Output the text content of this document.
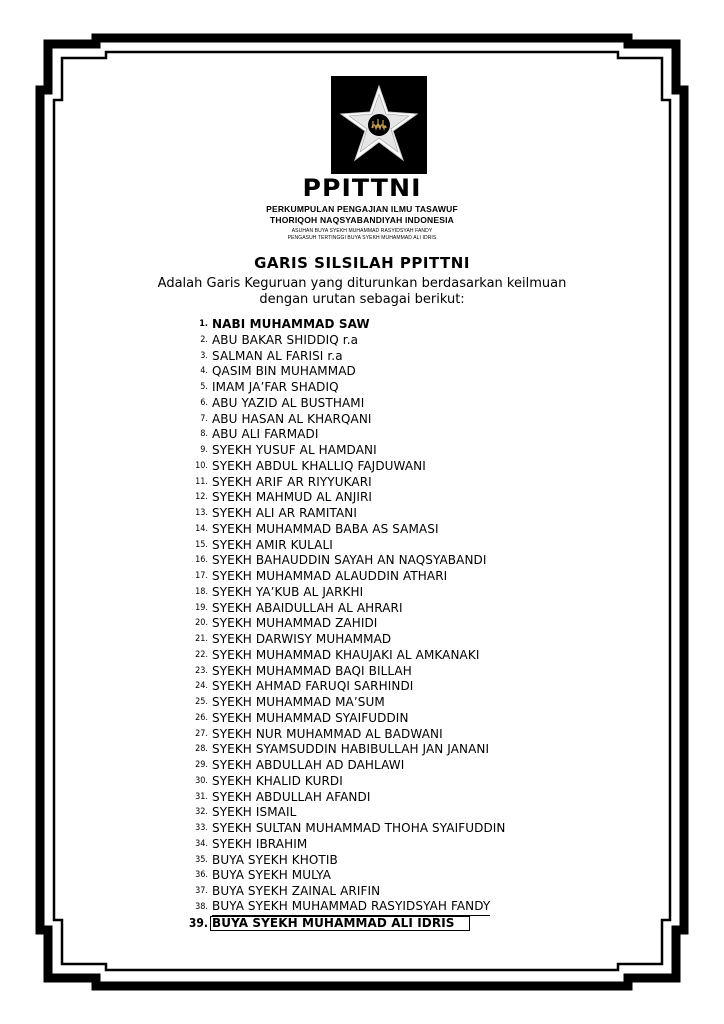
PPITTNI
PERKUMPULAN PENGAJIAN ILMU TASAWUF
THORIQOH NAQSYABANDIYAH INDONESIA
ASUHAN BUYA SYEKH MUHAMMAD RASYIDSYAH FANDY
PENGASUH TERTINGGI BUYA SYEKH MUHAMMAD ALI IDRIS
GARIS SILSILAH PPITTNI
Adalah Garis Keguruan yang diturunkan berdasarkan keilmuan
dengan urutan sebagai berikut:
1. NABI MUHAMMAD SAW
2. ABU BAKAR SHIDDIQ r.a
3. SALMAN AL FARISI r.a
4. QASIM BIN MUHAMMAD
5. IMAM JA’FAR SHADIQ
6. ABU YAZID AL BUSTHAMI
7. ABU HASAN AL KHARQANI
8. ABU ALI FARMADI
9. SYEKH YUSUF AL HAMDANI
10. SYEKH ABDUL KHALLIQ FAJDUWANI
11. SYEKH ARIF AR RIYYUKARI
12. SYEKH MAHMUD AL ANJIRI
13. SYEKH ALI AR RAMITANI
14. SYEKH MUHAMMAD BABA AS SAMASI
15. SYEKH AMIR KULALI
16. SYEKH BAHAUDDIN SAYAH AN NAQSYABANDI
17. SYEKH MUHAMMAD ALAUDDIN ATHARI
18. SYEKH YA’KUB AL JARKHI
19. SYEKH ABAIDULLAH AL AHRARI
20. SYEKH MUHAMMAD ZAHIDI
21. SYEKH DARWISY MUHAMMAD
22. SYEKH MUHAMMAD KHAUJAKI AL AMKANAKI
23. SYEKH MUHAMMAD BAQI BILLAH
24. SYEKH AHMAD FARUQI SARHINDI
25. SYEKH MUHAMMAD MA’SUM
26. SYEKH MUHAMMAD SYAIFUDDIN
27. SYEKH NUR MUHAMMAD AL BADWANI
28. SYEKH SYAMSUDDIN HABIBULLAH JAN JANANI
29. SYEKH ABDULLAH AD DAHLAWI
30. SYEKH KHALID KURDI
31. SYEKH ABDULLAH AFANDI
32. SYEKH ISMAIL
33. SYEKH SULTAN MUHAMMAD THOHA SYAIFUDDIN
34. SYEKH IBRAHIM
35. BUYA SYEKH KHOTIB
36. BUYA SYEKH MULYA
37. BUYA SYEKH ZAINAL ARIFIN
38. BUYA SYEKH MUHAMMAD RASYIDSYAH FANDY
39. BUYA SYEKH MUHAMMAD ALI IDRIS
